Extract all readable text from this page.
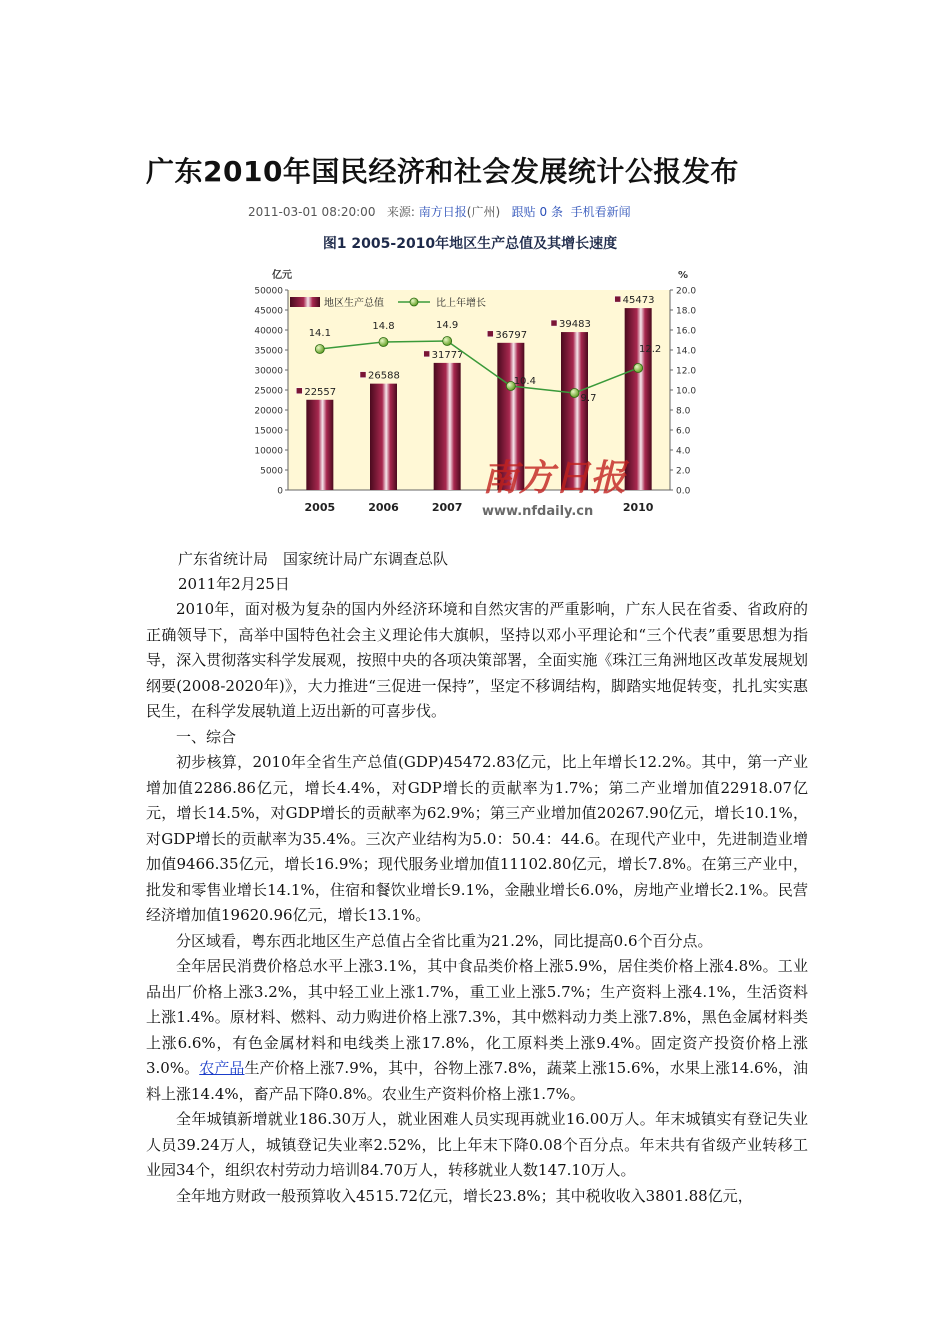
广东2010年国民经济和社会发展统计公报发布
2011-03-01 08:20:00 来源: 南方日报(广州) 跟贴 0 条 手机看新闻
图1 2005-2010年地区生产总值及其增长速度
亿元	%
50000
45000
40000
35000
30000
25000
20000
15000
10000
5000
0
20.0
18.0
16.0
14.0
12.0
10.0
8.0
6.0
4.0
2.0
0.0
2005	2006	2007	2010
22557
26588
31777
36797
39483
45473
14.1
14.8	14.9
10.4
9.7
12.2
地区生产总值	比上年增长
南方日报
www.nfdaily.cn
广东省统计局　国家统计局广东调查总队
2011年2月25日

2010年，面对极为复杂的国内外经济环境和自然灾害的严重影响，广东人民在省委、省政府的正确领导下，高举中国特色社会主义理论伟大旗帜，坚持以邓小平理论和“三个代表”重要思想为指导，深入贯彻落实科学发展观，按照中央的各项决策部署，全面实施《珠江三角洲地区改革发展规划纲要(2008-2020年)》，大力推进“三促进一保持”，坚定不移调结构，脚踏实地促转变，扎扎实实惠民生，在科学发展轨道上迈出新的可喜步伐。

一、综合

初步核算，2010年全省生产总值(GDP)45472.83亿元，比上年增长12.2%。其中，第一产业增加值2286.86亿元，增长4.4%，对GDP增长的贡献率为1.7%；第二产业增加值22918.07亿元，增长14.5%，对GDP增长的贡献率为62.9%；第三产业增加值20267.90亿元，增长10.1%，对GDP增长的贡献率为35.4%。三次产业结构为5.0：50.4：44.6。在现代产业中，先进制造业增加值9466.35亿元，增长16.9%；现代服务业增加值11102.80亿元，增长7.8%。在第三产业中，批发和零售业增长14.1%，住宿和餐饮业增长9.1%，金融业增长6.0%，房地产业增长2.1%。民营经济增加值19620.96亿元，增长13.1%。

分区域看，粤东西北地区生产总值占全省比重为21.2%，同比提高0.6个百分点。

全年居民消费价格总水平上涨3.1%，其中食品类价格上涨5.9%，居住类价格上涨4.8%。工业品出厂价格上涨3.2%，其中轻工业上涨1.7%，重工业上涨5.7%；生产资料上涨4.1%，生活资料上涨1.4%。原材料、燃料、动力购进价格上涨7.3%，其中燃料动力类上涨7.8%，黑色金属材料类上涨6.6%，有色金属材料和电线类上涨17.8%，化工原料类上涨9.4%。固定资产投资价格上涨3.0%。农产品生产价格上涨7.9%，其中，谷物上涨7.8%，蔬菜上涨15.6%，水果上涨14.6%，油料上涨14.4%，畜产品下降0.8%。农业生产资料价格上涨1.7%。

全年城镇新增就业186.30万人，就业困难人员实现再就业16.00万人。年末城镇实有登记失业人员39.24万人，城镇登记失业率2.52%，比上年末下降0.08个百分点。年末共有省级产业转移工业园34个，组织农村劳动力培训84.70万人，转移就业人数147.10万人。

全年地方财政一般预算收入4515.72亿元，增长23.8%；其中税收收入3801.88亿元，
